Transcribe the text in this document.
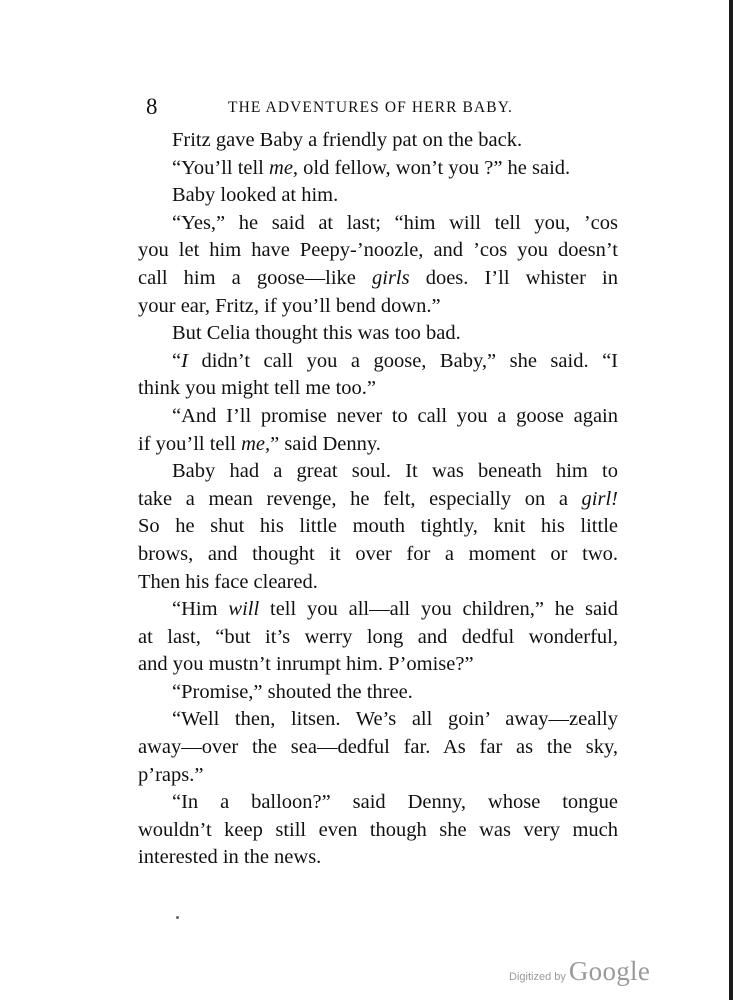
8	THE ADVENTURES OF HERR BABY.
Fritz gave Baby a friendly pat on the back.
“You’ll tell me, old fellow, won’t you ?” he said.
Baby looked at him.
“Yes,” he said at last; “him will tell you, ’cos
you let him have Peepy-’noozle, and ’cos you doesn’t
call him a goose—like girls does. I’ll whister in
your ear, Fritz, if you’ll bend down.”
But Celia thought this was too bad.
“I didn’t call you a goose, Baby,” she said. “I
think you might tell me too.”
“And I’ll promise never to call you a goose again
if you’ll tell me,” said Denny.
Baby had a great soul. It was beneath him to
take a mean revenge, he felt, especially on a girl!
So he shut his little mouth tightly, knit his little
brows, and thought it over for a moment or two.
Then his face cleared.
“Him will tell you all—all you children,” he said
at last, “but it’s werry long and dedful wonderful,
and you mustn’t inrumpt him. P’omise?”
“Promise,” shouted the three.
“Well then, litsen. We’s all goin’ away—zeally
away—over the sea—dedful far. As far as the sky,
p’raps.”
“In a balloon?” said Denny, whose tongue
wouldn’t keep still even though she was very much
interested in the news.
Digitized by Google
